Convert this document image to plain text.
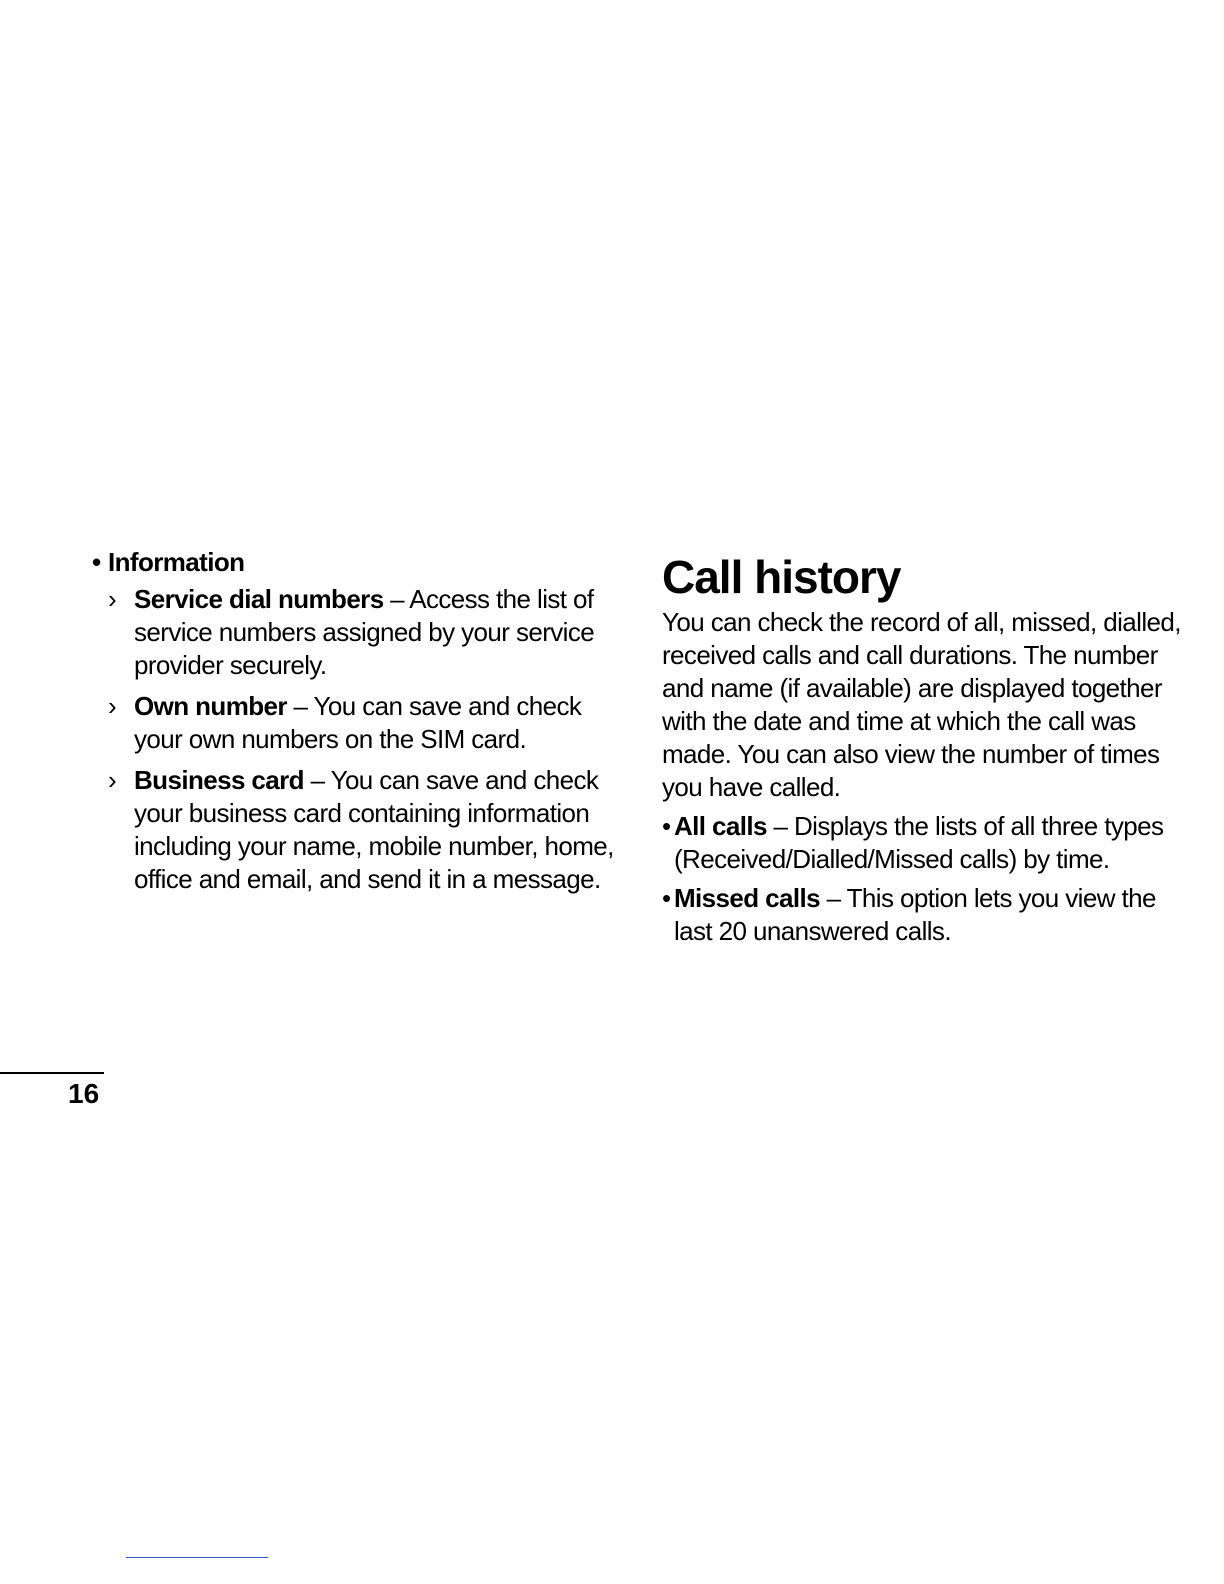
• Information
› Service dial numbers – Access the list of service numbers assigned by your service provider securely.
› Own number – You can save and check your own numbers on the SIM card.
› Business card – You can save and check your business card containing information including your name, mobile number, home, office and email, and send it in a message.
Call history
You can check the record of all, missed, dialled, received calls and call durations. The number and name (if available) are displayed together with the date and time at which the call was made. You can also view the number of times you have called.
• All calls – Displays the lists of all three types (Received/Dialled/Missed calls) by time.
• Missed calls – This option lets you view the last 20 unanswered calls.
16
